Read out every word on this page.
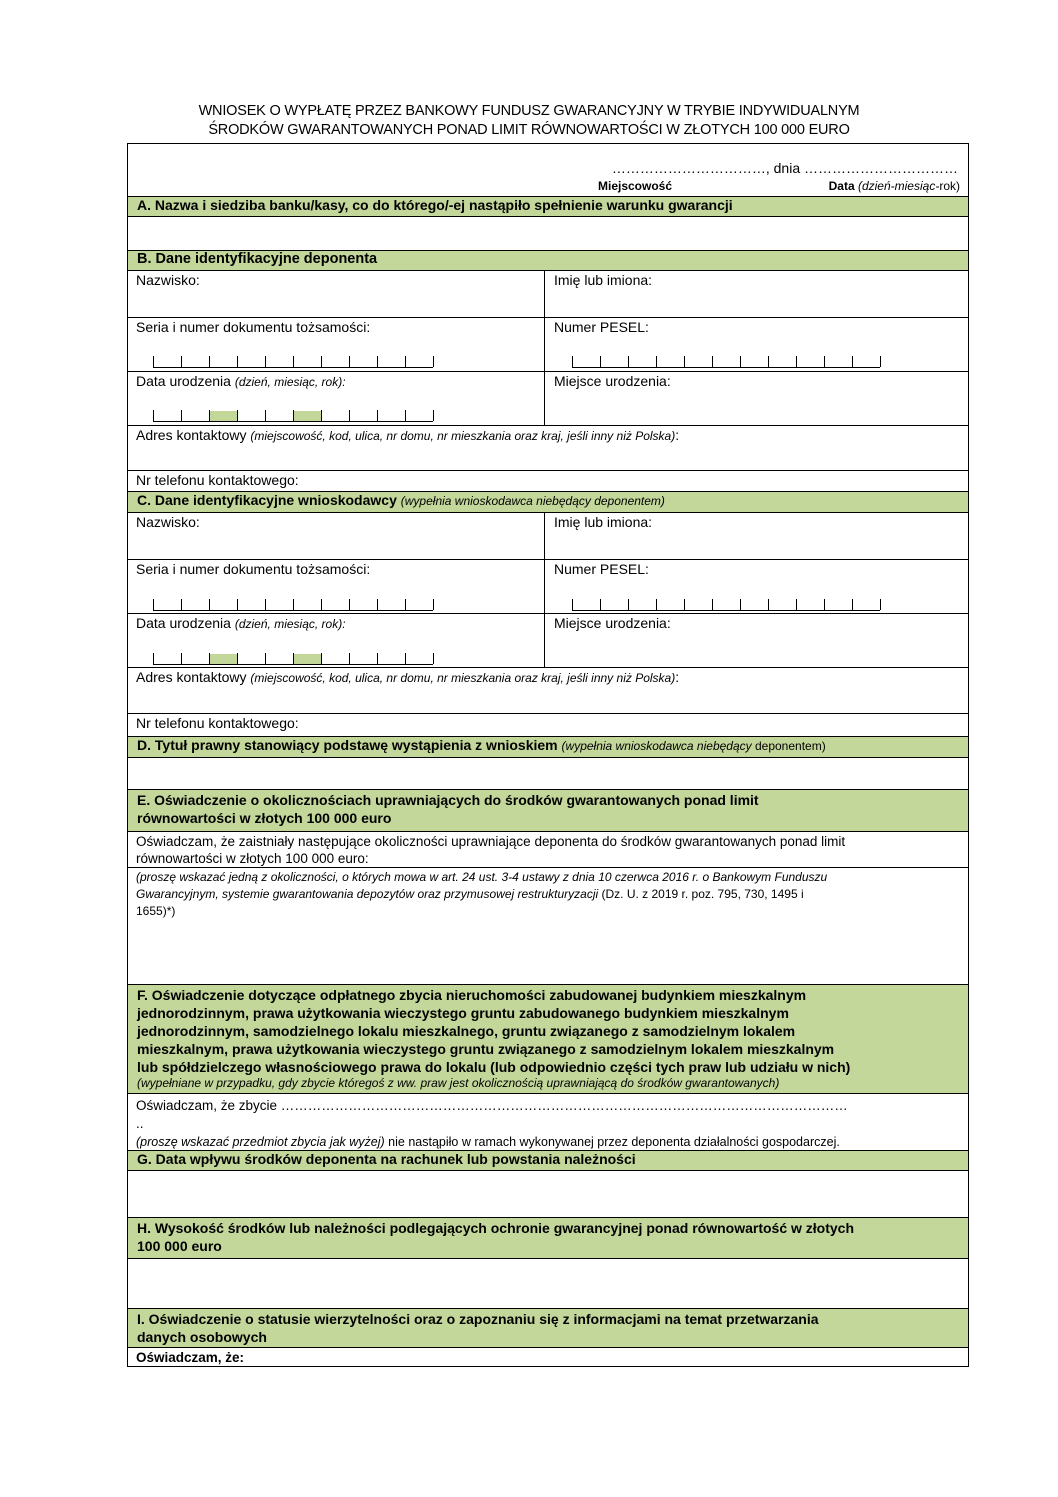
WNIOSEK O WYPŁATĘ PRZEZ BANKOWY FUNDUSZ GWARANCYJNY W TRYBIE INDYWIDUALNYM
ŚRODKÓW GWARANTOWANYCH PONAD LIMIT RÓWNOWARTOŚCI W ZŁOTYCH 100 000 EURO
……………………………, dnia ……………………………
Miejscowość	Data (dzień-miesiąc-rok)
A. Nazwa i siedziba banku/kasy, co do którego/-ej nastąpiło spełnienie warunku gwarancji
B. Dane identyfikacyjne deponenta
Nazwisko:	Imię lub imiona:
Seria i numer dokumentu tożsamości:	Numer PESEL:
Data urodzenia (dzień, miesiąc, rok):	Miejsce urodzenia:
Adres kontaktowy (miejscowość, kod, ulica, nr domu, nr mieszkania oraz kraj, jeśli inny niż Polska):
Nr telefonu kontaktowego:
C. Dane identyfikacyjne wnioskodawcy (wypełnia wnioskodawca niebędący deponentem)
Nazwisko:	Imię lub imiona:
Seria i numer dokumentu tożsamości:	Numer PESEL:
Data urodzenia (dzień, miesiąc, rok):	Miejsce urodzenia:
Adres kontaktowy (miejscowość, kod, ulica, nr domu, nr mieszkania oraz kraj, jeśli inny niż Polska):
Nr telefonu kontaktowego:
D. Tytuł prawny stanowiący podstawę wystąpienia z wnioskiem (wypełnia wnioskodawca niebędący deponentem)
E. Oświadczenie o okolicznościach uprawniających do środków gwarantowanych ponad limit
równowartości w złotych 100 000 euro
Oświadczam, że zaistniały następujące okoliczności uprawniające deponenta do środków gwarantowanych ponad limit
równowartości w złotych 100 000 euro:
(proszę wskazać jedną z okoliczności, o których mowa w art. 24 ust. 3-4 ustawy z dnia 10 czerwca 2016 r. o Bankowym Funduszu
Gwarancyjnym, systemie gwarantowania depozytów oraz przymusowej restrukturyzacji (Dz. U. z 2019 r. poz. 795, 730, 1495 i
1655)*)
F. Oświadczenie dotyczące odpłatnego zbycia nieruchomości zabudowanej budynkiem mieszkalnym
jednorodzinnym, prawa użytkowania wieczystego gruntu zabudowanego budynkiem mieszkalnym
jednorodzinnym, samodzielnego lokalu mieszkalnego, gruntu związanego z samodzielnym lokalem
mieszkalnym, prawa użytkowania wieczystego gruntu związanego z samodzielnym lokalem mieszkalnym
lub spółdzielczego własnościowego prawa do lokalu (lub odpowiednio części tych praw lub udziału w nich)
(wypełniane w przypadku, gdy zbycie któregoś z ww. praw jest okolicznością uprawniającą do środków gwarantowanych)
Oświadczam, że zbycie ………………………………………………………………………………………………………………
..
(proszę wskazać przedmiot zbycia jak wyżej) nie nastąpiło w ramach wykonywanej przez deponenta działalności gospodarczej.
G. Data wpływu środków deponenta na rachunek lub powstania należności
H. Wysokość środków lub należności podlegających ochronie gwarancyjnej ponad równowartość w złotych
100 000 euro
I. Oświadczenie o statusie wierzytelności oraz o zapoznaniu się z informacjami na temat przetwarzania
danych osobowych
Oświadczam, że:
